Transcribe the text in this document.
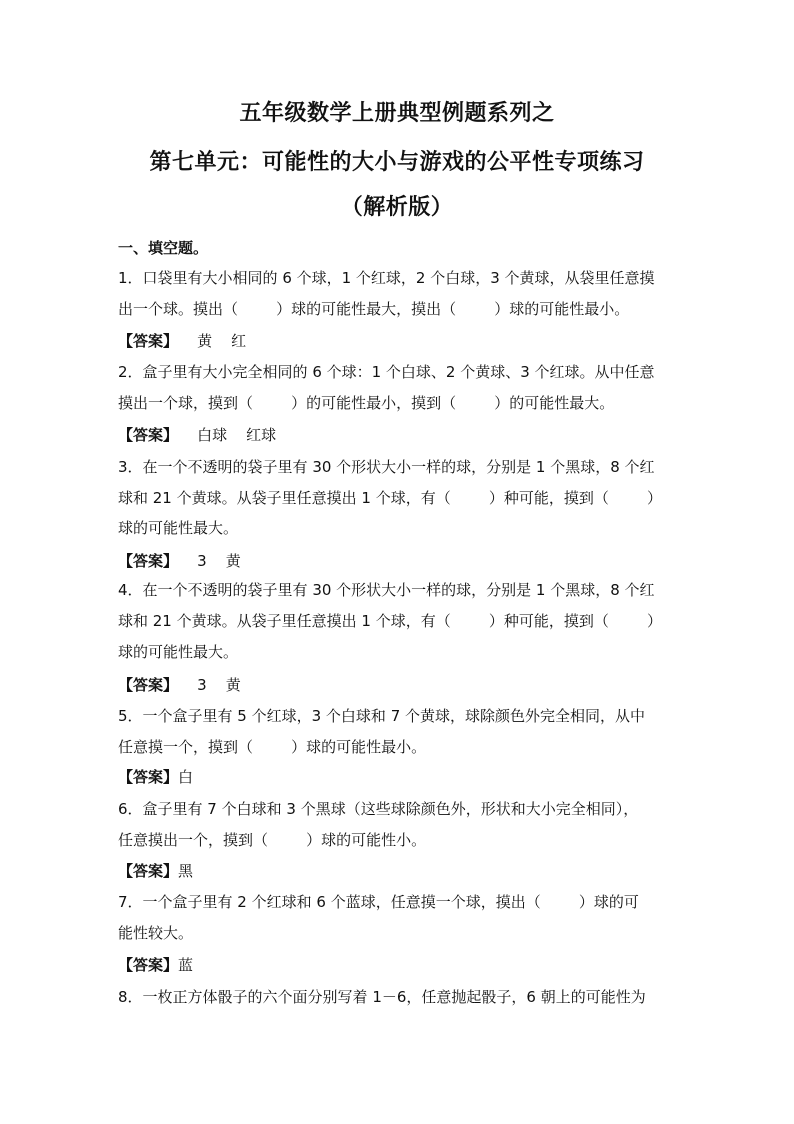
五年级数学上册典型例题系列之
第七单元：可能性的大小与游戏的公平性专项练习
（解析版）
一、填空题。
1．口袋里有大小相同的 6 个球，1 个红球，2 个白球，3 个黄球，从袋里任意摸
出一个球。摸出（        ）球的可能性最大，摸出（        ）球的可能性最小。
【答案】    黄    红
2．盒子里有大小完全相同的 6 个球：1 个白球、2 个黄球、3 个红球。从中任意
摸出一个球，摸到（        ）的可能性最小，摸到（        ）的可能性最大。
【答案】    白球    红球
3．在一个不透明的袋子里有 30 个形状大小一样的球，分别是 1 个黑球，8 个红
球和 21 个黄球。从袋子里任意摸出 1 个球，有（        ）种可能，摸到（        ）
球的可能性最大。
【答案】    3    黄
4．在一个不透明的袋子里有 30 个形状大小一样的球，分别是 1 个黑球，8 个红
球和 21 个黄球。从袋子里任意摸出 1 个球，有（        ）种可能，摸到（        ）
球的可能性最大。
【答案】    3    黄
5．一个盒子里有 5 个红球，3 个白球和 7 个黄球，球除颜色外完全相同，从中
任意摸一个，摸到（        ）球的可能性最小。
【答案】白
6．盒子里有 7 个白球和 3 个黑球（这些球除颜色外，形状和大小完全相同），
任意摸出一个，摸到（        ）球的可能性小。
【答案】黑
7．一个盒子里有 2 个红球和 6 个蓝球，任意摸一个球，摸出（        ）球的可
能性较大。
【答案】蓝
8．一枚正方体骰子的六个面分别写着 1－6，任意抛起骰子，6 朝上的可能性为
